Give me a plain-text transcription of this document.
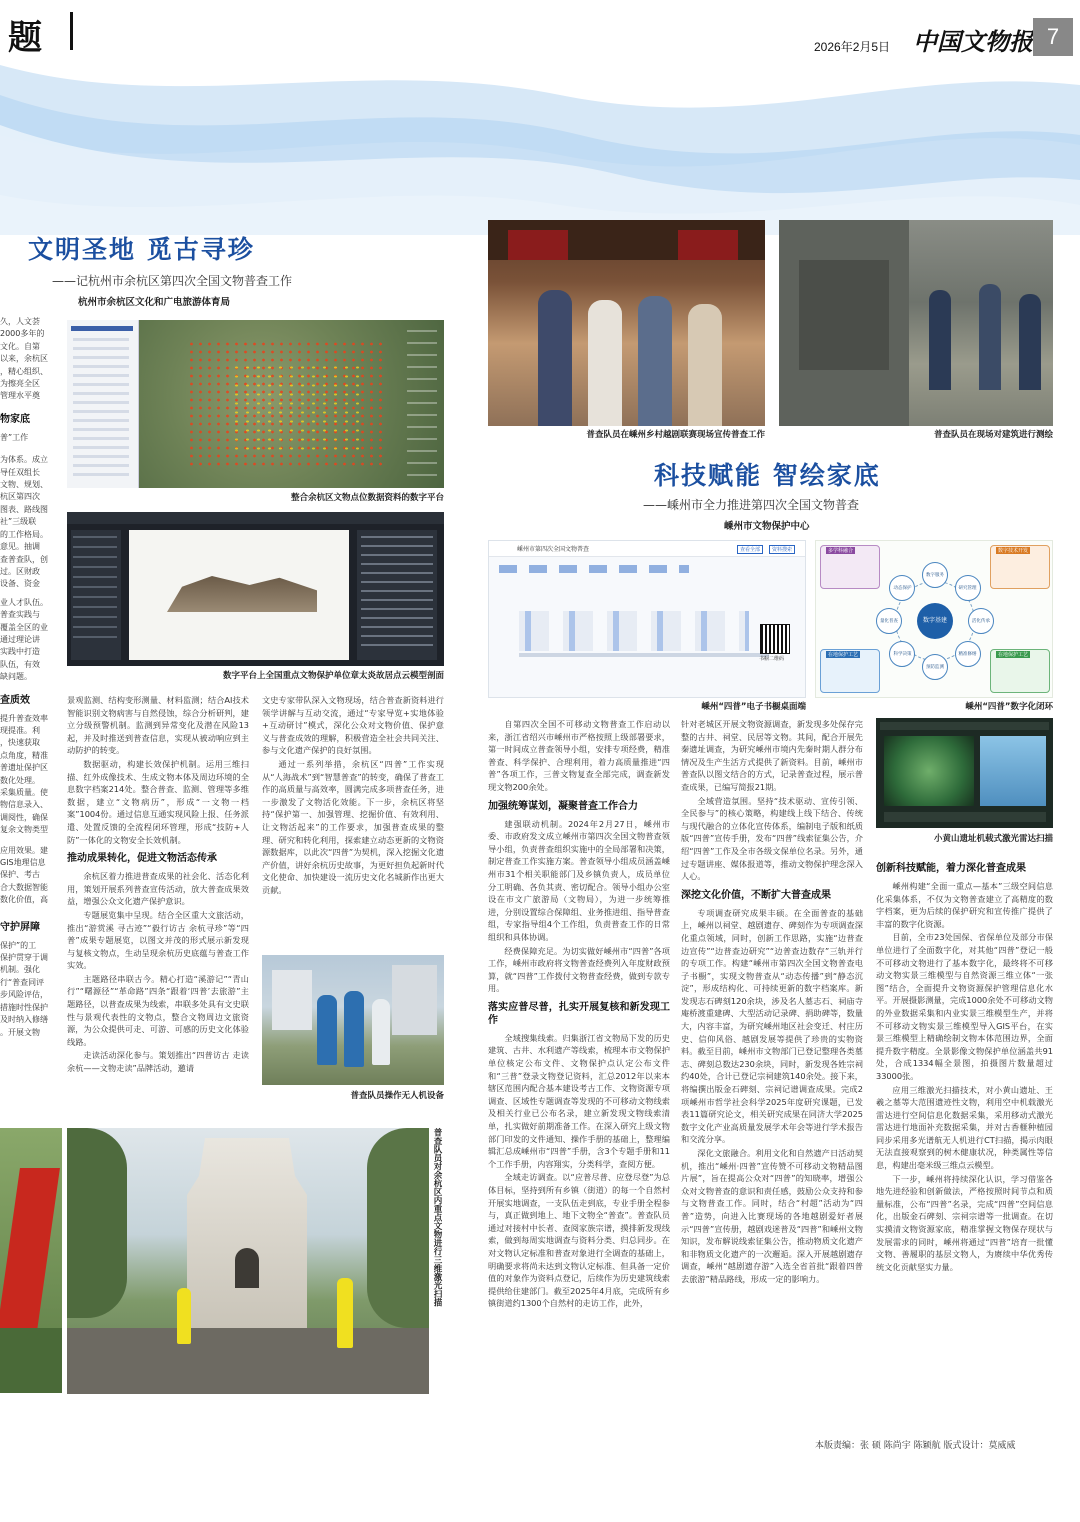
题	2026年2月5日 中国文物报 7
久，人文荟
2000多年的
文化。自第
以来，余杭区
，精心组织、
为擦亮全区
管理水平奠
物家底
普”工作
为体系。成立
导任双组长
文物、规划、
杭区第四次
图表、路线图
社”三级联
的工作格局。
意见。抽调
查普查队，创
过。区财政
设备、资金
业人才队伍。
普查实践与
覆盖全区的业
通过理论讲
实践中打造
队伍，有效
缺问题。
查质效
提升普查效率
现提准。利
，快速获取
点角度，精准
普遗址保护区
数化处理。
采集质量。使
物信息录入、
调阅性，确保
复余文物类型
应用效果。建
GIS地理信息
保护、考古
合大数据智能
数化价值，高
守护屏障
保护”的工
保护贯穿于调
机制。强化
行“普查同评
步风险评估，
措施时性保护
及时纳入修缮
。开展文物
文明圣地 觅古寻珍
——记杭州市余杭区第四次全国文物普查工作
杭州市余杭区文化和广电旅游体育局
整合余杭区文物点位数据资料的数字平台
数字平台上全国重点文物保护单位章太炎故居点云模型剖面

景观监测、结构变形测量、材料监测；结合AI技术智能识别文物病害与自然侵蚀，综合分析研判，建立分级预警机制。监测到异常变化及潜在风险13起，并及时推送到普查信息，实现从被动响应到主动防护的转变。

数据驱动，构建长效保护机制。运用三维扫描、红外成像技术、生成文物本体及周边环境的全息数字档案214处。整合普查、监测、管理等多维数据，建立“文物病历”，形成“一文物一档案”1004份。通过信息互通实现风险上报、任务派遣、处置反馈的全流程闭环管理，形成“技防+人防”一体化的文物安全长效机制。

推动成果转化，促进文物活态传承

余杭区着力推进普查成果的社会化、活态化利用，策划开展系列普查宣传活动，放大普查成果效益，增强公众文化遗产保护意识。

专题展览集中呈现。结合全区重大文旅活动，推出“游赏溪 寻古迹”“毅行访古 余杭寻珍”等“四普”成果专题展览，以图文并茂的形式展示新发现与复核文物点，生动呈现余杭历史底蕴与普查工作实效。

主题路径串联古今。精心打造“溪游记”“青山行”“曙源径”“革命路”四条“跟着‘四普’去旅游”主题路径，以普查成果为线索，串联多处具有文史联性与景观代表性的文物点，整合文物周边文旅资源，为公众提供可走、可游、可感的历史文化体验线路。

走读活动深化参与。策划推出“四普访古 走读余杭——文物走读”品牌活动，邀请

文史专家带队深入文物现场，结合普查新资料进行领学讲解与互动交流，通过“专家导览+实地体验+互动研讨”模式，深化公众对文物价值、保护意义与普查成效的理解，积极营造全社会共同关注、参与文化遗产保护的良好氛围。

通过一系列举措，余杭区“四普”工作实现从“人海战术”到“智慧普查”的转变，确保了普查工作的高质量与高效率，圆满完成多项普查任务，进一步激发了文物活化效能。下一步，余杭区将坚持“保护第一、加强管理、挖掘价值、有效利用、让文物活起来”的工作要求，加强普查成果的整理、研究和转化利用，探索建立动态更新的文物资源数据库，以此次“四普”为契机，深入挖掘文化遗产价值，讲好余杭历史故事，为更好担负起新时代文化使命、加快建设一流历史文化名城新作出更大贡献。

普查队员操作无人机设备
普查队员对余杭区内重点文物进行三维激光扫描
普查队员在嵊州乡村越剧联赛现场宣传普查工作	普查队员在现场对建筑进行测绘
科技赋能 智绘家底
——嵊州市全力推进第四次全国文物普查
嵊州市文物保护中心
嵊州市第四次全国文物普查	查看全部	资料搜索
书橱二维码
嵊州“四普”电子书橱桌面端
多学科融合	数字技术开发
在地保护工艺	在地保护工艺
数字基建
数字服务
研究管理
活化传承
精准修缮
预防监测
科学决策
量化普查
动态保护
嵊州“四普”数字化闭环

自第四次全国不可移动文物普查工作启动以来，浙江省绍兴市嵊州市严格按照上级部署要求，第一时间成立普查领导小组，安排专项经费，精准普查、科学保护、合理利用，着力高质量推进“四普”各项工作，三普文物复查全部完成，调查新发现文物200余处。

加强统筹谋划，凝聚普查工作合力

建强联动机制。2024年2月27日，嵊州市委、市政府发文成立嵊州市第四次全国文物普查领导小组，负责普查组织实施中的全局部署和决策，制定普查工作实施方案。普查领导小组成员涵盖嵊州市31个相关职能部门及乡镇负责人，成员单位分工明确、各负其责、密切配合。领导小组办公室设在市文广旅游局（文物局），为进一步统筹推进，分别设置综合保障组、业务推进组、指导普查组，专家指导组4个工作组，负责普查工作的日常组织和具体协调。

经费保障充足。为切实做好嵊州市“四普”各项工作，嵊州市政府将文物普查经费列入年度财政预算，就“四普”工作拨付文物普查经费，做到专款专用。

落实应普尽普，扎实开展复核和新发现工作

全域搜集线索。归集浙江省文物局下发的历史建筑、古井、水利遗产等线索，梳理本市文物保护单位核定公布文件、文物保护点认定公布文件和“三普”登录文物登记资料，汇总2012年以来本辖区范围内配合基本建设考古工作、文物资源专项调查、区域性专题调查等发现的不可移动文物线索及相关行业已公布名录，建立新发现文物线索清单，扎实做好前期准备工作。在深入研究上级文物部门印发的文件通知、操作手册的基础上，整理编辑汇总成嵊州市“四普”手册，含3个专题手册和11个工作手册，内容翔实，分类科学，查阅方便。

全域走访调查。以“应普尽普、应登尽登”为总体目标，坚持到所有乡镇（街道）的每一个自然村开展实地调查，一支队伍走到底，专业手册全程参与，真正做到地上、地下文物全“普查”。普查队员通过对接村中长者、查阅家族宗谱，摸排新发现线索，做到每周实地调查与资料分类、归总同步。在对文物认定标准和普查对象进行全调查的基础上，明确要求将尚未达到文物认定标准、但具备一定价值的对象作为资料点登记，后续作为历史建筑线索提供给住建部门。截至2025年4月底，完成所有乡镇街道约1300个自然村的走访工作，此外，

针对老城区开展文物资源调查，新发现多处保存完整的古井、祠堂、民居等文物。其间，配合开展先秦遗址调查，为研究嵊州市境内先秦时期人群分布情况及生产生活方式提供了新资料。目前，嵊州市普查队以图文结合的方式，记录普查过程，展示普查成果，已编写简报21期。

全域营造氛围。坚持“技术驱动、宣传引领、全民参与”的核心策略，构建线上线下结合、传统与现代融合的立体化宣传体系，编制电子版和纸质版“四普”宣传手册，发布“四普”线索征集公告，介绍“四普”工作及全市各级文保单位名录。另外，通过专题讲座、媒体报道等，推动文物保护理念深入人心。

深挖文化价值，不断扩大普查成果

专项调查研究成果丰硕。在全面普查的基础上，嵊州以祠堂、越剧遗存、碑刻作为专项调查深化重点领域，同时，创新工作思路，实施“边普查边宣传”“边普查边研究”“边普查边数存”三轨并行的专项工作。构建“嵊州市第四次全国文物普查电子书橱”，实现文物普查从“动态传播”到“静态沉淀”，形成结构化、可持续更新的数字档案库。新发现志石碑刻120余块，涉及名人墓志石、祠庙寺庵桥渡重建碑、大型活动记录碑、捐助碑等，数量大，内容丰富，为研究嵊州地区社会变迁、村庄历史、信仰风俗、越剧发展等提供了珍贵的实物资料。截至目前，嵊州市文物部门已登记整理各类墓志、碑刻总数达230余块，同时，新发现各姓宗祠约40处，合计已登记宗祠建筑140余处。接下来，将编撰出版金石碑刻、宗祠记谱调查成果。完成2项嵊州市哲学社会科学2025年度研究课题，已发表11篇研究论文，相关研究成果在同济大学2025数字文化产业高质量发展学术年会等进行学术报告和交流分享。

深化文旅融合。利用文化和自然遗产日活动契机，推出“嵊州·四普”宣传赞不可移动文物精品图片展”，旨在提高公众对“四普”的知晓率，增强公众对文物普查的意识和责任感，鼓励公众支持和参与文物普查工作。同时，结合“村超”活动为“四普”造势，向进入比赛现场的各地越剧爱好者展示“四普”宣传册，越剧戏迷普及“四普”和嵊州文物知识，发布解说线索征集公告，推动物质文化遗产和非物质文化遗产的一次邂逅。深入开展越剧遗存调查，嵊州“越剧遗存游”入选全省首批“跟着四普去旅游”精品路线，形成一定的影响力。

小黄山遗址机载式激光雷达扫描
创新科技赋能，着力深化普查成果

嵊州构建“全面一重点—基本”三级空间信息化采集体系，不仅为文物普查建立了高精度的数字档案，更为后续的保护研究和宣传推广提供了丰富的数字化资源。

目前，全市23处国保、省保单位及部分市保单位进行了全面数字化，对其他“四普”登记一般不可移动文物进行了基本数字化，最终将不可移动文物实景三维模型与自然资源三维立体“一张图”结合，全面提升文物资源保护管理信息化水平。开展摄影测量，完成1000余处不可移动文物的外业数据采集和内业实景三维模型生产，并将不可移动文物实景三维模型导入GIS平台，在实景三维模型上精确绘制文物本体范围边界，全面提升数字精度。全景影像文物保护单位涵盖共91处，合成1334幅全景图，拍摄图片数量超过33000张。

应用三维激光扫描技术，对小黄山遗址、王羲之墓等大范围遗迹性文物，利用空中机载激光雷达进行空间信息化数据采集，采用移动式激光雷达进行地面补充数据采集，并对古香榧种植园同步采用多光谱航无人机进行CT扫描，揭示肉眼无法直接观察到的树木健康状况，种类属性等信息，构建出毫米级三维点云模型。

下一步，嵊州将持续深化认识，学习借鉴各地先进经验和创新做法，严格按照时间节点和质量标准，公布“四普”名录，完成“四普”空间信息化，出版金石碑刻、宗祠宗谱等一批调查。在切实摸清文物资源家底，精准掌握文物保存现状与发展需求的同时，嵊州将通过“四普”培育一批懂文物、善履职的基层文物人，为赓续中华优秀传统文化贡献坚实力量。

本版责编：张 硕 陈尚宇 陈颖航 版式设计：莫威威
